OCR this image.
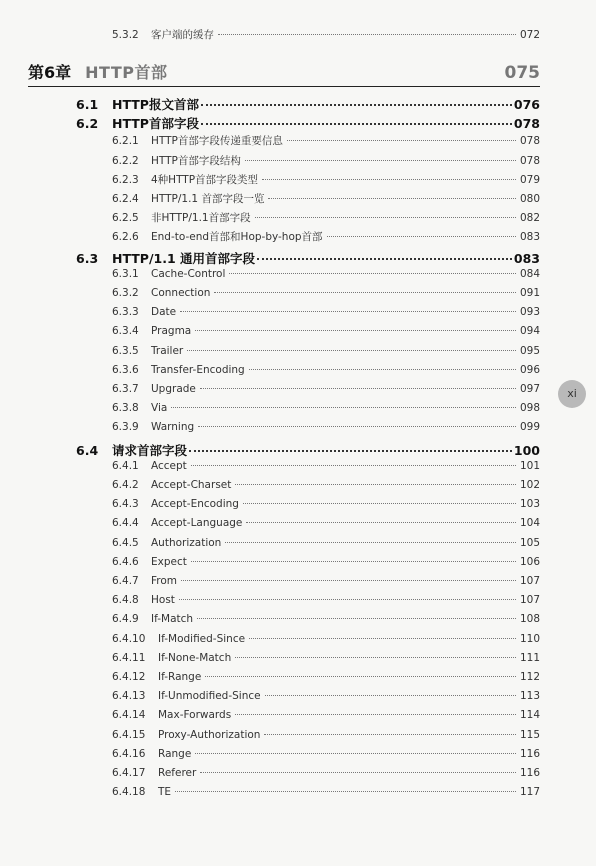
5.3.2	客户端的缓存	072
第6章 HTTP首部	075
xi
6.1	HTTP报文首部	076
6.2	HTTP首部字段	078
6.2.1	HTTP首部字段传递重要信息	078
6.2.2	HTTP首部字段结构	078
6.2.3	4种HTTP首部字段类型	079
6.2.4	HTTP/1.1 首部字段一览	080
6.2.5	非HTTP/1.1首部字段	082
6.2.6	End-to-end首部和Hop-by-hop首部	083
6.3	HTTP/1.1 通用首部字段	083
6.3.1	Cache-Control	084
6.3.2	Connection	091
6.3.3	Date	093
6.3.4	Pragma	094
6.3.5	Trailer	095
6.3.6	Transfer-Encoding	096
6.3.7	Upgrade	097
6.3.8	Via	098
6.3.9	Warning	099
6.4	请求首部字段	100
6.4.1	Accept	101
6.4.2	Accept-Charset	102
6.4.3	Accept-Encoding	103
6.4.4	Accept-Language	104
6.4.5	Authorization	105
6.4.6	Expect	106
6.4.7	From	107
6.4.8	Host	107
6.4.9	If-Match	108
6.4.10	If-Modified-Since	110
6.4.11	If-None-Match	111
6.4.12	If-Range	112
6.4.13	If-Unmodified-Since	113
6.4.14	Max-Forwards	114
6.4.15	Proxy-Authorization	115
6.4.16	Range	116
6.4.17	Referer	116
6.4.18	TE	117
